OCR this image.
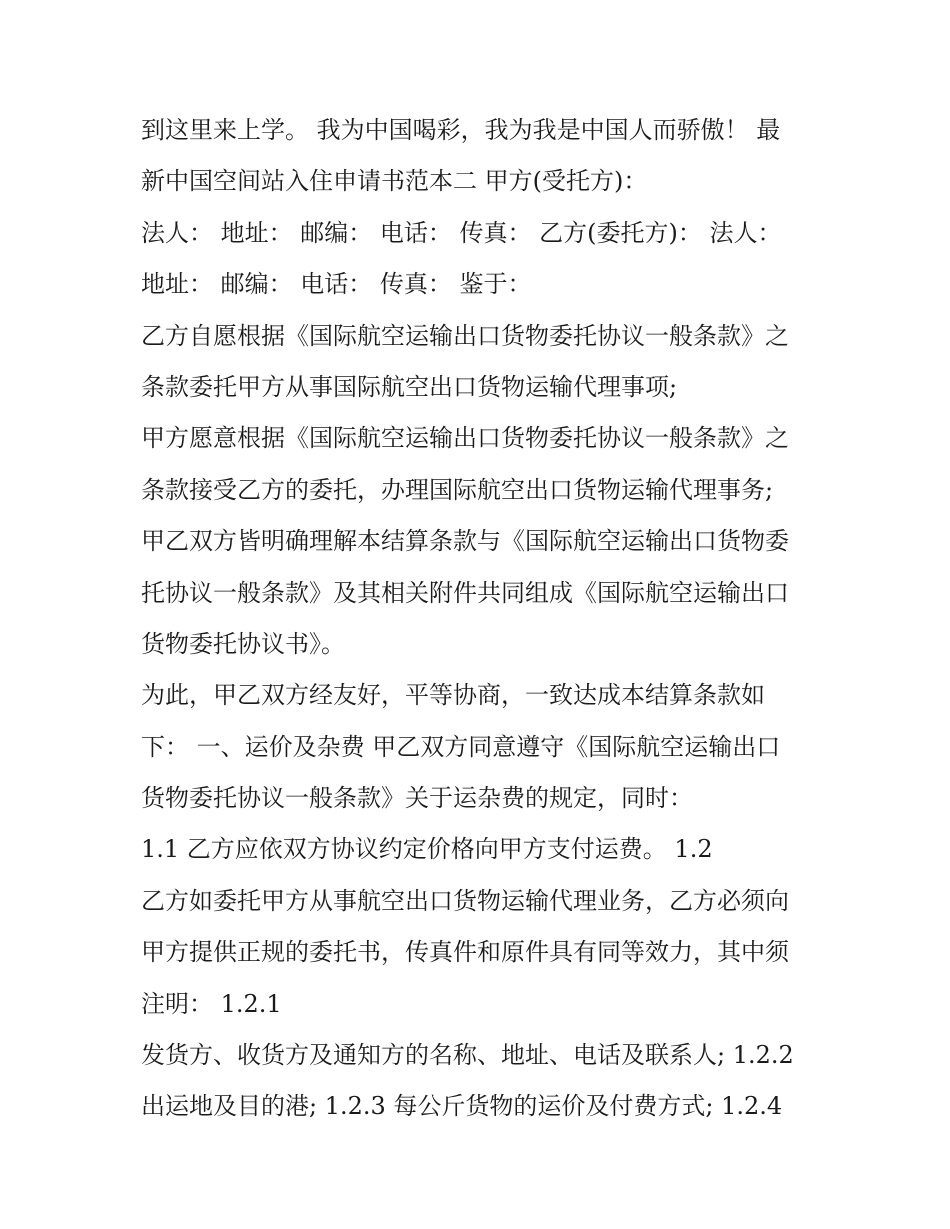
到这里来上学。 我为中国喝彩，我为我是中国人而骄傲！ 最
新中国空间站入住申请书范本二 甲方(受托方)：
法人： 地址： 邮编： 电话： 传真： 乙方(委托方)： 法人：
地址： 邮编： 电话： 传真： 鉴于：
乙方自愿根据《国际航空运输出口货物委托协议一般条款》之
条款委托甲方从事国际航空出口货物运输代理事项;
甲方愿意根据《国际航空运输出口货物委托协议一般条款》之
条款接受乙方的委托，办理国际航空出口货物运输代理事务;
甲乙双方皆明确理解本结算条款与《国际航空运输出口货物委
托协议一般条款》及其相关附件共同组成《国际航空运输出口
货物委托协议书》。
为此，甲乙双方经友好，平等协商，一致达成本结算条款如
下： 一、运价及杂费 甲乙双方同意遵守《国际航空运输出口
货物委托协议一般条款》关于运杂费的规定，同时：
1.1 乙方应依双方协议约定价格向甲方支付运费。 1.2
乙方如委托甲方从事航空出口货物运输代理业务，乙方必须向
甲方提供正规的委托书，传真件和原件具有同等效力，其中须
注明： 1.2.1
发货方、收货方及通知方的名称、地址、电话及联系人; 1.2.2
出运地及目的港; 1.2.3 每公斤货物的运价及付费方式; 1.2.4
